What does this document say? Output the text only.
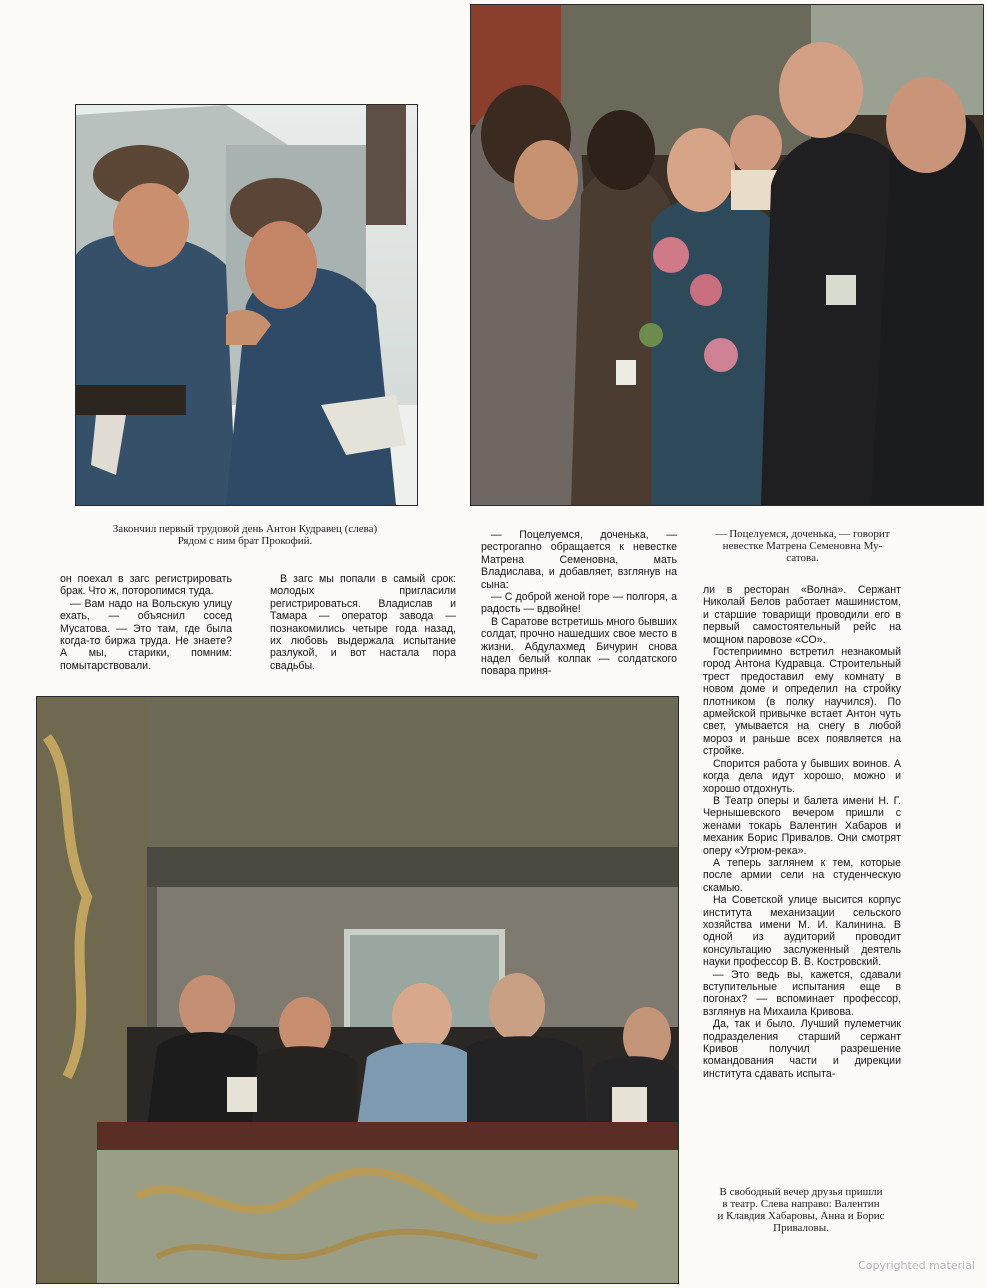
Закончил первый трудовой день Антон Кудравец (слева)
Рядом с ним брат Прокофий.
— Поцелуемся, доченька, — говорит
невестке Матрена Семеновна Му-
сатова.

он поехал в загс регистрировать брак. Что ж, поторопимся туда.

— Вам надо на Вольскую улицу ехать, — объяснил сосед Мусатова. — Это там, где была когда-то биржа труда. Не знаете? А мы, старики, помним: помытарствовали.

В загс мы попали в самый срок: молодых пригласили регистрироваться. Владислав и Тамара — оператор завода — познакомились четыре года назад, их любовь выдержала испытание разлукой, и вот настала пора свадьбы.

— Поцелуемся, доченька, — рестрогапно обращается к невестке Матрена Семеновна, мать Владислава, и добавляет, взглянув на сына:

— С доброй женой горе — полгоря, а радость — вдвойне!

В Саратове встретишь много бывших солдат, прочно нашедших свое место в жизни. Абдулахмед Бичурин снова надел белый колпак — солдатского повара приня-

ли в ресторан «Волна». Сержант Николай Белов работает машинистом, и старшие товарищи проводили его в первый самостоятельный рейс на мощном паровозе «СО».

Гостеприимно встретил незнакомый город Антона Кудравца. Строительный трест предоставил ему комнату в новом доме и определил на стройку плотником (в полку научился). По армейской привычке встает Антон чуть свет, умывается на снегу в любой мороз и раньше всех появляется на стройке.

Спорится работа у бывших воинов. А когда дела идут хорошо, можно и хорошо отдохнуть.

В Театр оперы и балета имени Н. Г. Чернышевского вечером пришли с женами токарь Валентин Хабаров и механик Борис Привалов. Они смотрят оперу «Угрюм-река».

А теперь заглянем к тем, которые после армии сели на студенческую скамью.

На Советской улице высится корпус института механизации сельского хозяйства имени М. И. Калинина. В одной из аудиторий проводит консультацию заслуженный деятель науки профессор В. В. Костровский.

— Это ведь вы, кажется, сдавали вступительные испытания еще в погонах? — вспоминает профессор, взглянув на Михаила Кривова.

Да, так и было. Лучший пулеметчик подразделения старший сержант Кривов получил разрешение командования части и дирекции института сдавать испыта-

В свободный вечер друзья пришли
в театр. Слева направо: Валентин
и Клавдия Хабаровы, Анна и Борис
Приваловы.
Copyrighted material
